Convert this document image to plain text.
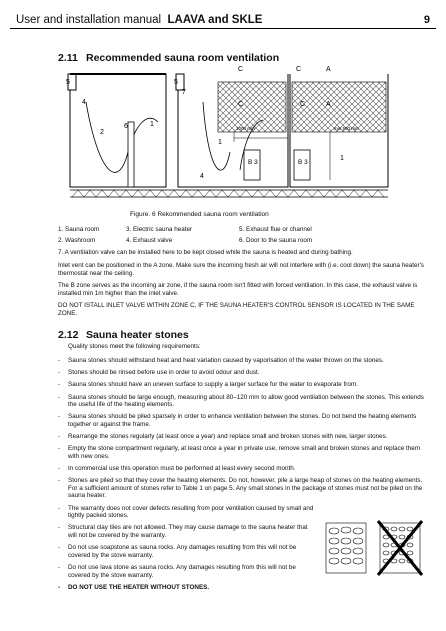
User and installation manual LAAVA and SKLE	9
2.11 Recommended sauna room ventilation
C	C	A
C	C	A
5	5
4
6
2
1
7
1
4
1
B 3	B 3
1000 mm	min 500 mm
Figure. 6 Rekommended sauna room ventilation
1. Sauna room	3. Electric sauna heater	5. Exhaust flue or channel
2. Washroom	4. Exhaust valve	6. Door to the sauna room
7. A ventilation valve can be installed here to be kept closed while the sauna is heated and during bathing.
Inlet vent can be positioned in the A zone. Make sure the incoming fresh air will not interfere with (i.e. cool down) the sauna heater's thermostat near the ceiling.
The B zone serves as the incoming air zone, if the sauna room isn't fitted with forced ventilation. In this case, the exhaust valve is installed min 1m higher than the inlet valve.
DO NOT ISTALL INLET VALVE WITHIN ZONE C, IF THE SAUNA HEATER'S CONTROL SENSOR IS LOCATED IN THE SAME ZONE.
2.12 Sauna heater stones
Quality stones meet the following requirements:
-	Sauna stones should withstand heat and heat variation caused by vaporisation of the water thrown on the stones.
-	Stones should be rinsed before use in order to avoid odour and dust.
-	Sauna stones should have an uneven surface to supply a larger surface for the water to evaporate from.
-	Sauna stones should be large enough, measuring about 80–120 mm to allow good ventilation between the stones. This extends the useful life of the heating elements.
-	Sauna stones should be piled sparsely in order to enhance ventilation between the stones. Do not bend the heating elements together or against the frame.
-	Rearrange the stones regularly (at least once a year) and replace small and broken stones with new, larger stones.
-	Empty the stone compartment regularly, at least once a year in private use, remove small and broken stones and replace them with new ones.
-	In commercial use this operation must be performed at least every second month.
-	Stones are piled so that they cover the heating elements. Do not, however, pile a large heap of stones on the heating elements. For a sufficient amount of stones refer to Table 1 on page 5. Any small stones in the package of stones must not be piled on the sauna heater.
-	The warranty does not cover defects resulting from poor ventilation caused by small and tightly packed stones.
-	Structural clay tiles are not allowed. They may cause damage to the sauna heater that will not be covered by the warranty.
-	Do not use soapstone as sauna rocks. Any damages resulting from this will not be covered by the stove warranty.
-	Do not use lava stone as sauna rocks. Any damages resulting from this will not be covered by the stove warranty.
-	DO NOT USE THE HEATER WITHOUT STONES.
